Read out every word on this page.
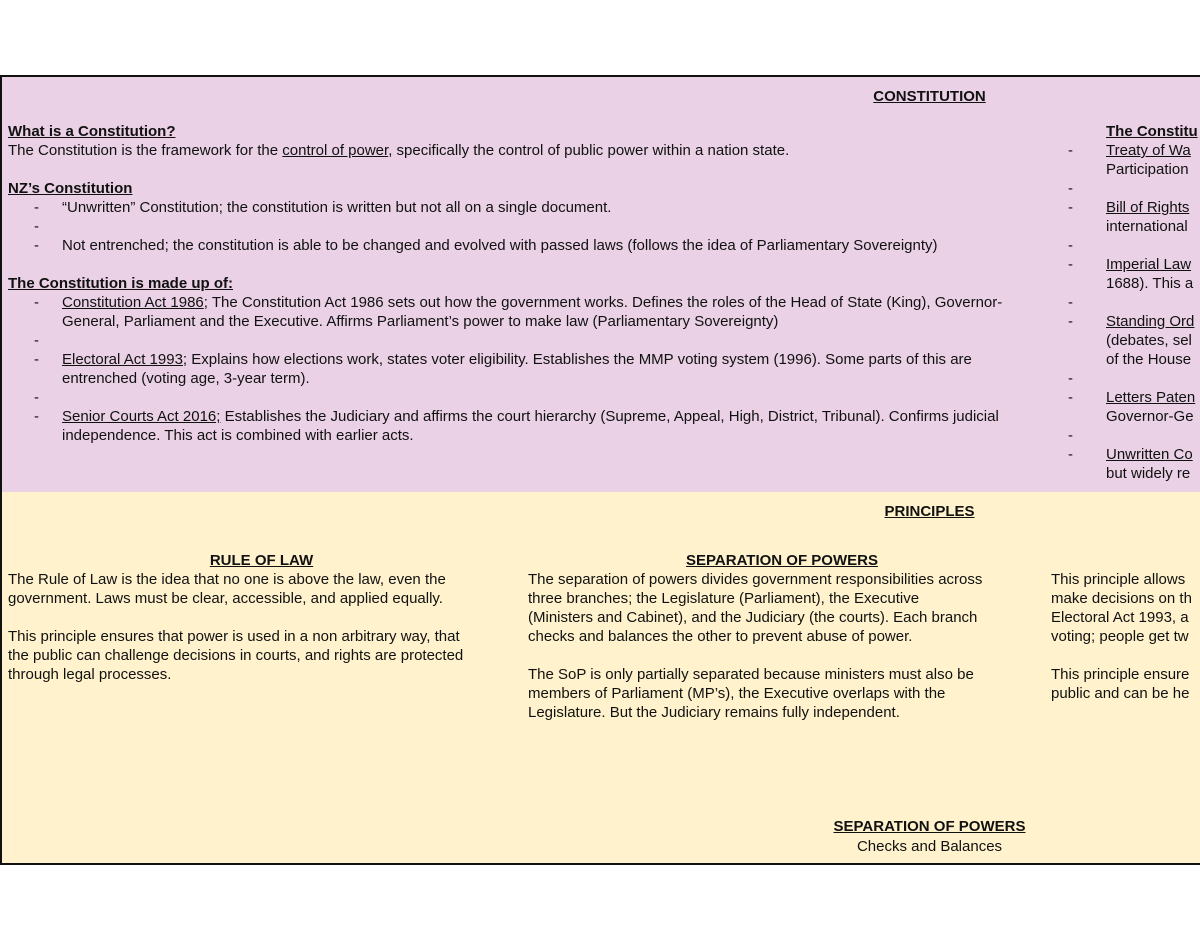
CONSTITUTION
What is a Constitution?
The Constitution is the framework for the control of power, specifically the control of public power within a nation state.
NZ’s Constitution
- “Unwritten” Constitution; the constitution is written but not all on a single document.
-
- Not entrenched; the constitution is able to be changed and evolved with passed laws (follows the idea of Parliamentary Sovereignty)
The Constitution is made up of:
- Constitution Act 1986; The Constitution Act 1986 sets out how the government works. Defines the roles of the Head of State (King), Governor-General, Parliament and the Executive. Affirms Parliament’s power to make law (Parliamentary Sovereignty)
-
- Electoral Act 1993; Explains how elections work, states voter eligibility. Establishes the MMP voting system (1996). Some parts of this are entrenched (voting age, 3-year term).
-
- Senior Courts Act 2016; Establishes the Judiciary and affirms the court hierarchy (Supreme, Appeal, High, District, Tribunal). Confirms judicial independence. This act is combined with earlier acts.
The Constitu
- Treaty of Wa
Participation
-
- Bill of Rights
international
-
- Imperial Law
1688). This a
-
- Standing Ord
(debates, sel
of the House
-
- Letters Paten
Governor-Ge
-
- Unwritten Co
but widely re
PRINCIPLES
RULE OF LAW
The Rule of Law is the idea that no one is above the law, even the
government. Laws must be clear, accessible, and applied equally.
This principle ensures that power is used in a non arbitrary way, that
the public can challenge decisions in courts, and rights are protected
through legal processes.
SEPARATION OF POWERS
The separation of powers divides government responsibilities across
three branches; the Legislature (Parliament), the Executive
(Ministers and Cabinet), and the Judiciary (the courts). Each branch
checks and balances the other to prevent abuse of power.
The SoP is only partially separated because ministers must also be
members of Parliament (MP’s), the Executive overlaps with the
Legislature. But the Judiciary remains fully independent.
This principle allows
make decisions on th
Electoral Act 1993, a
voting; people get tw
This principle ensure
public and can be he
SEPARATION OF POWERS
Checks and Balances
